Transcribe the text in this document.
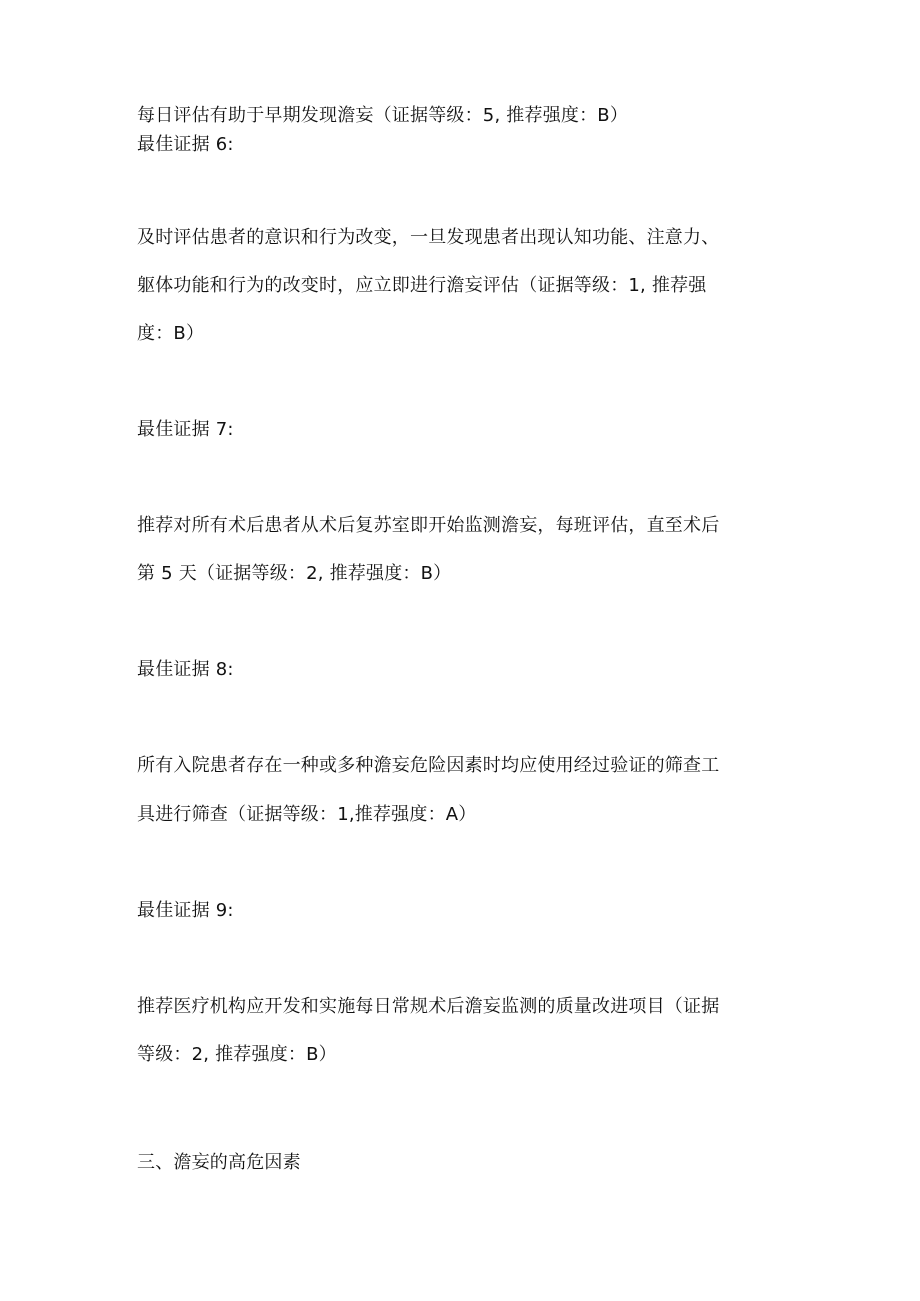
每日评估有助于早期发现澹妄（证据等级：5, 推荐强度：B）
最佳证据 6:
及时评估患者的意识和行为改变，一旦发现患者出现认知功能、注意力、
躯体功能和行为的改变时，应立即进行澹妄评估（证据等级：1, 推荐强
度：B）
最佳证据 7:
推荐对所有术后患者从术后复苏室即开始监测澹妄，每班评估，直至术后
第 5 天（证据等级：2, 推荐强度：B）
最佳证据 8:
所有入院患者存在一种或多种澹妄危险因素时均应使用经过验证的筛查工
具进行筛查（证据等级：1,推荐强度：A）
最佳证据 9:
推荐医疗机构应开发和实施每日常规术后澹妄监测的质量改进项目（证据
等级：2, 推荐强度：B）
三、澹妄的高危因素
